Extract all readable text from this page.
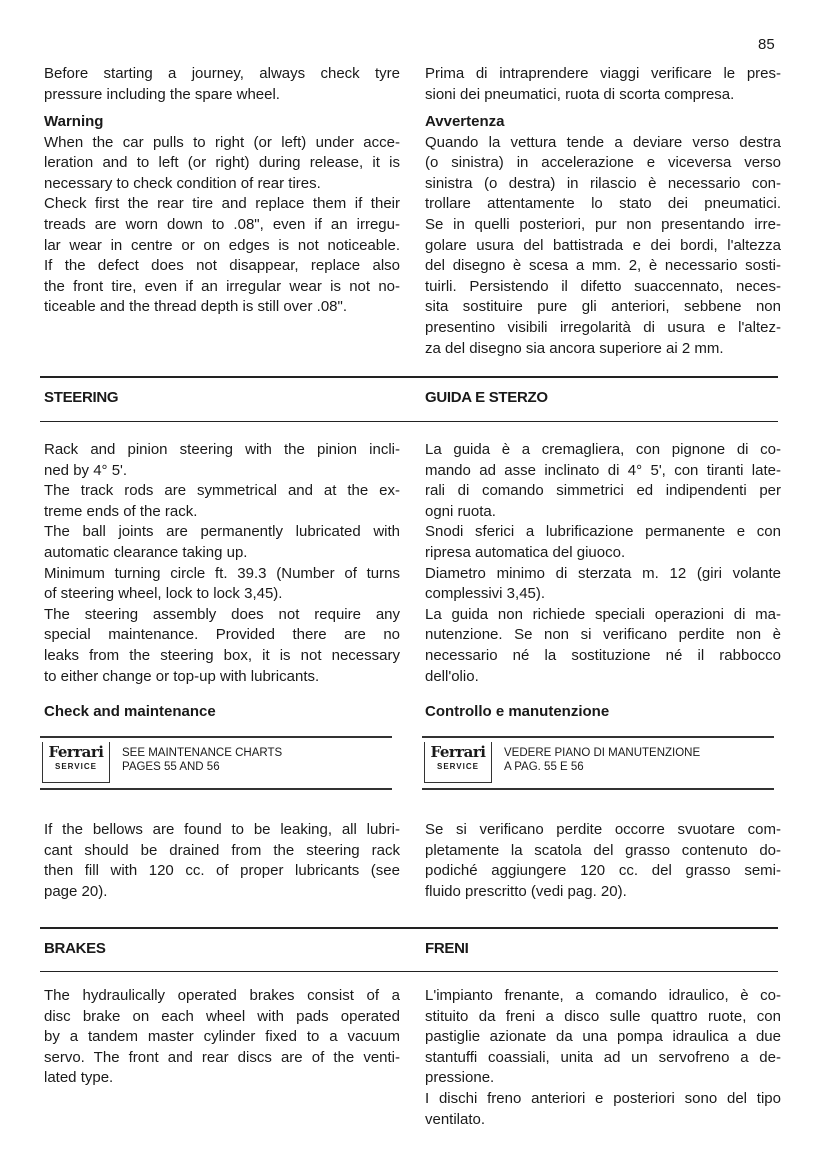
85
Before starting a journey, always check tyre
pressure including the spare wheel.
Prima di intraprendere viaggi verificare le pres-
sioni dei pneumatici, ruota di scorta compresa.
Warning
When the car pulls to right (or left) under acce-
leration and to left (or right) during release, it is
necessary to check condition of rear tires.
Check first the rear tire and replace them if their
treads are worn down to .08", even if an irregu-
lar wear in centre or on edges is not noticeable.
If the defect does not disappear, replace also
the front tire, even if an irregular wear is not no-
ticeable and the thread depth is still over .08".
Avvertenza
Quando la vettura tende a deviare verso destra
(o sinistra) in accelerazione e viceversa verso
sinistra (o destra) in rilascio è necessario con-
trollare attentamente lo stato dei pneumatici.
Se in quelli posteriori, pur non presentando irre-
golare usura del battistrada e dei bordi, l'altezza
del disegno è scesa a mm. 2, è necessario sosti-
tuirli. Persistendo il difetto suaccennato, neces-
sita sostituire pure gli anteriori, sebbene non
presentino visibili irregolarità di usura e l'altez-
za del disegno sia ancora superiore ai 2 mm.
STEERING	GUIDA E STERZO
Rack and pinion steering with the pinion incli-
ned by 4° 5'.
The track rods are symmetrical and at the ex-
treme ends of the rack.
The ball joints are permanently lubricated with
automatic clearance taking up.
Minimum turning circle ft. 39.3 (Number of turns
of steering wheel, lock to lock 3,45).
The steering assembly does not require any
special maintenance. Provided there are no
leaks from the steering box, it is not necessary
to either change or top-up with lubricants.
La guida è a cremagliera, con pignone di co-
mando ad asse inclinato di 4° 5', con tiranti late-
rali di comando simmetrici ed indipendenti per
ogni ruota.
Snodi sferici a lubrificazione permanente e con
ripresa automatica del giuoco.
Diametro minimo di sterzata m. 12 (giri volante
complessivi 3,45).
La guida non richiede speciali operazioni di ma-
nutenzione. Se non si verificano perdite non è
necessario né la sostituzione né il rabbocco
dell'olio.
Check and maintenance	Controllo e manutenzione
Ferrari
SERVICE
SEE MAINTENANCE CHARTS
PAGES 55 AND 56
Ferrari
SERVICE
VEDERE PIANO DI MANUTENZIONE
A PAG. 55 E 56
If the bellows are found to be leaking, all lubri-
cant should be drained from the steering rack
then fill with 120 cc. of proper lubricants (see
page 20).
Se si verificano perdite occorre svuotare com-
pletamente la scatola del grasso contenuto do-
podiché aggiungere 120 cc. del grasso semi-
fluido prescritto (vedi pag. 20).
BRAKES	FRENI
The hydraulically operated brakes consist of a
disc brake on each wheel with pads operated
by a tandem master cylinder fixed to a vacuum
servo. The front and rear discs are of the venti-
lated type.
L'impianto frenante, a comando idraulico, è co-
stituito da freni a disco sulle quattro ruote, con
pastiglie azionate da una pompa idraulica a due
stantuffi coassiali, unita ad un servofreno a de-
pressione.
I dischi freno anteriori e posteriori sono del tipo
ventilato.
